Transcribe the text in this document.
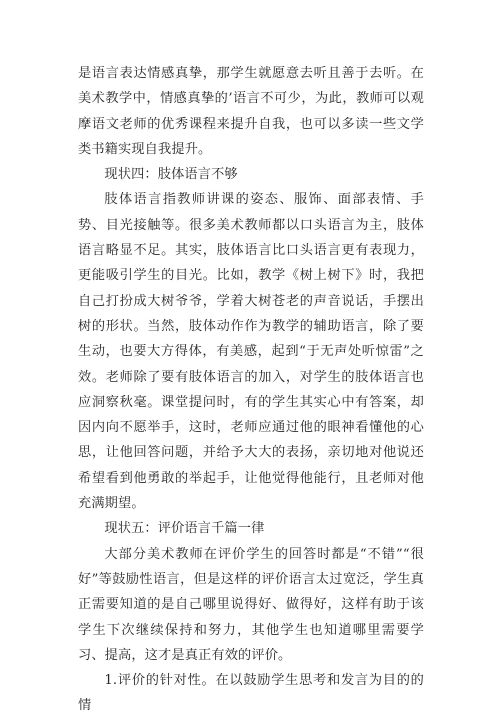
是语言表达情感真挚，那学生就愿意去听且善于去听。在美术教学中，情感真挚的’语言不可少，为此，教师可以观摩语文老师的优秀课程来提升自我，也可以多读一些文学类书籍实现自我提升。

现状四：肢体语言不够

肢体语言指教师讲课的姿态、服饰、面部表情、手势、目光接触等。很多美术教师都以口头语言为主，肢体语言略显不足。其实，肢体语言比口头语言更有表现力，更能吸引学生的目光。比如，教学《树上树下》时，我把自己打扮成大树爷爷，学着大树苍老的声音说话，手摆出树的形状。当然，肢体动作作为教学的辅助语言，除了要生动，也要大方得体，有美感，起到“于无声处听惊雷”之效。老师除了要有肢体语言的加入，对学生的肢体语言也应洞察秋毫。课堂提问时，有的学生其实心中有答案，却因内向不愿举手，这时，老师应通过他的眼神看懂他的心思，让他回答问题，并给予大大的表扬，亲切地对他说还希望看到他勇敢的举起手，让他觉得他能行，且老师对他充满期望。

现状五：评价语言千篇一律

大部分美术教师在评价学生的回答时都是“不错”“很好”等鼓励性语言，但是这样的评价语言太过宽泛，学生真正需要知道的是自己哪里说得好、做得好，这样有助于该学生下次继续保持和努力，其他学生也知道哪里需要学习、提高，这才是真正有效的评价。

1.评价的针对性。在以鼓励学生思考和发言为目的的情
